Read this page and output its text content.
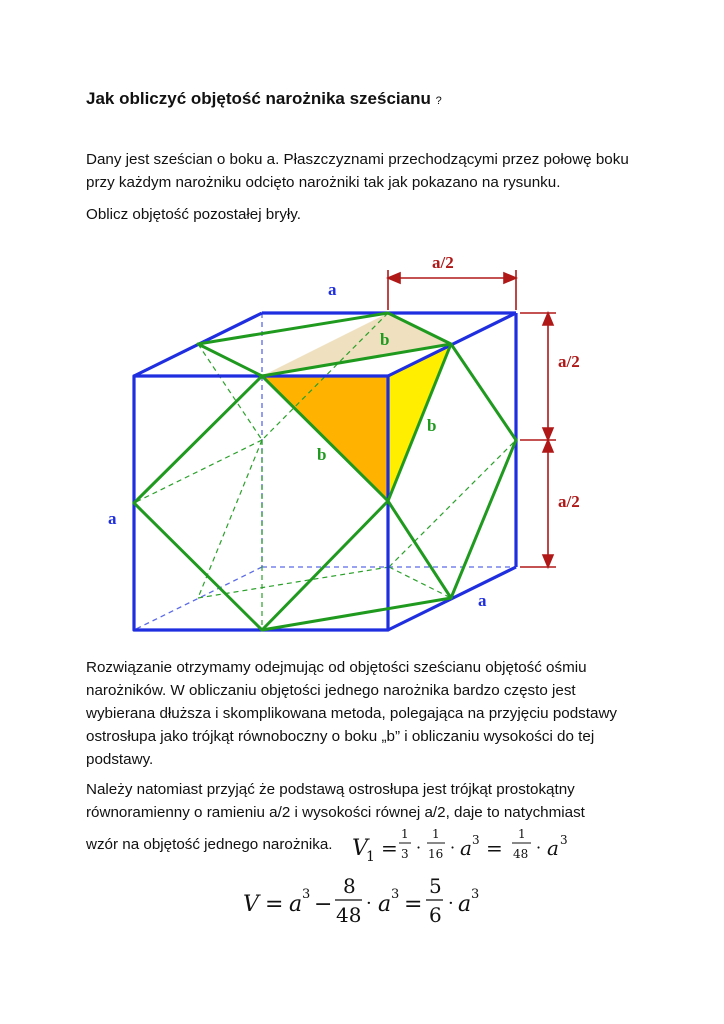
Jak obliczyć objętość narożnika sześcianu ?
Dany jest sześcian o boku a. Płaszczyznami przechodzącymi przez połowę boku przy każdym narożniku odcięto narożniki tak jak pokazano na rysunku.
Oblicz objętość pozostałej bryły.
a
a
a
a/2
a/2
a/2
b
b
b
Rozwiązanie otrzymamy odejmując od objętości sześcianu objętość ośmiu narożników. W obliczaniu objętości jednego narożnika bardzo często jest wybierana dłuższa i skomplikowana metoda, polegająca na przyjęciu podstawy ostrosłupa jako trójkąt równoboczny o boku „b” i obliczaniu wysokości do tej podstawy.
Należy natomiast przyjąć że podstawą ostrosłupa jest trójkąt prostokątny równoramienny o ramieniu a/2 i wysokości równej a/2, daje to natychmiast
wzór na objętość jednego narożnika. V
1 =
1
3 ·
1
16 · a 3 =
1
48 · a 3
V = a 3 −
8
48 · a 3 =
5
6 · a 3
